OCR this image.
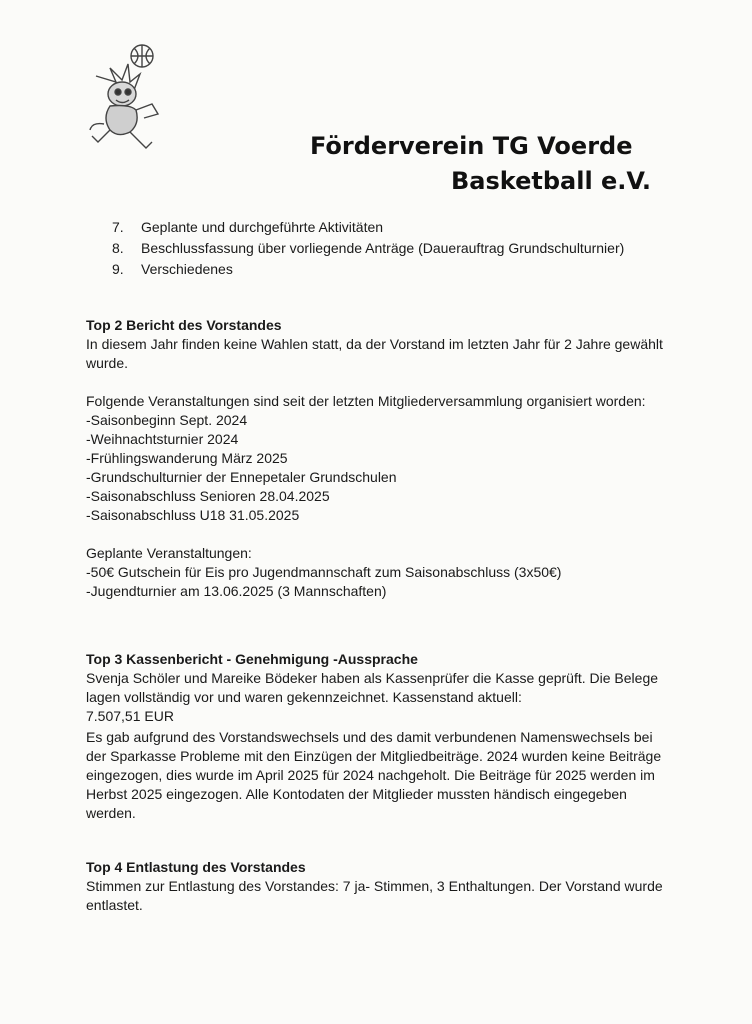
Förderverein TG Voerde
Basketball e.V.
7.	Geplante und durchgeführte Aktivitäten
8.	Beschlussfassung über vorliegende Anträge (Dauerauftrag Grundschulturnier)
9.	Verschiedenes
Top 2 Bericht des Vorstandes

In diesem Jahr finden keine Wahlen statt, da der Vorstand im letzten Jahr für 2 Jahre gewählt wurde.

Folgende Veranstaltungen sind seit der letzten Mitgliederversammlung organisiert worden:

-Saisonbeginn Sept. 2024
-Weihnachtsturnier 2024
-Frühlingswanderung März 2025
-Grundschulturnier der Ennepetaler Grundschulen
-Saisonabschluss Senioren 28.04.2025
-Saisonabschluss U18 31.05.2025

Geplante Veranstaltungen:

-50€ Gutschein für Eis pro Jugendmannschaft zum Saisonabschluss (3x50€)
-Jugendturnier am 13.06.2025 (3 Mannschaften)
Top 3 Kassenbericht - Genehmigung -Aussprache

Svenja Schöler und Mareike Bödeker haben als Kassenprüfer die Kasse geprüft. Die Belege lagen vollständig vor und waren gekennzeichnet. Kassenstand aktuell:

7.507,51 EUR

Es gab aufgrund des Vorstandswechsels und des damit verbundenen Namenswechsels bei der Sparkasse Probleme mit den Einzügen der Mitgliedbeiträge. 2024 wurden keine Beiträge eingezogen, dies wurde im April 2025 für 2024 nachgeholt. Die Beiträge für 2025 werden im Herbst 2025 eingezogen. Alle Kontodaten der Mitglieder mussten händisch eingegeben werden.

Top 4 Entlastung des Vorstandes

Stimmen zur Entlastung des Vorstandes: 7 ja- Stimmen, 3 Enthaltungen. Der Vorstand wurde entlastet.
